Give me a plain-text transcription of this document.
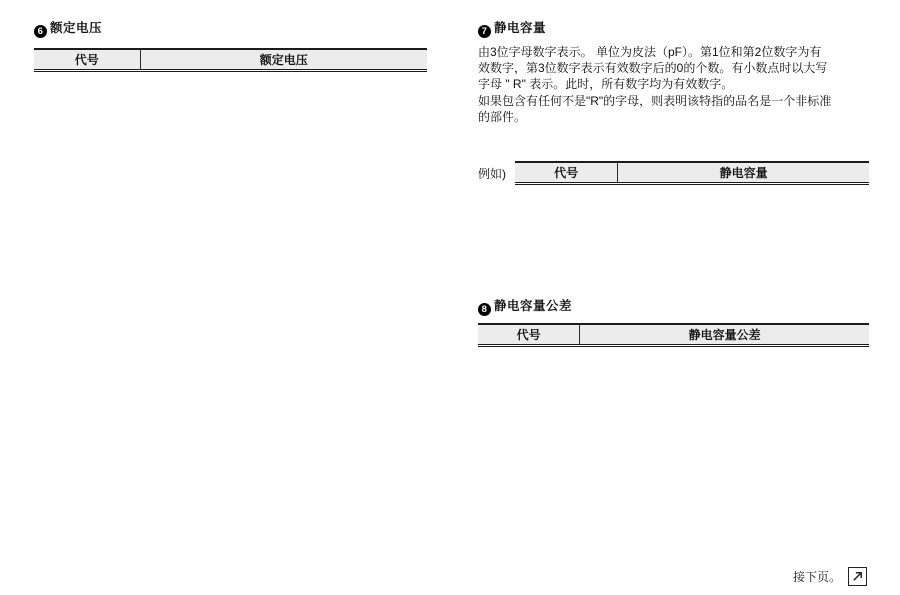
6 额定电压
代号	额定电压
7 静电容量
由3位字母数字表示。 单位为皮法（pF）。第1位和第2位数字为有
效数字，第3位数字表示有效数字后的0的个数。有小数点时以大写
字母 " R" 表示。此时，所有数字均为有效数字。
如果包含有任何不是"R"的字母，则表明该特指的品名是一个非标准
的部件。
例如)	代号	静电容量
8 静电容量公差
代号	静电容量公差
接下页。
